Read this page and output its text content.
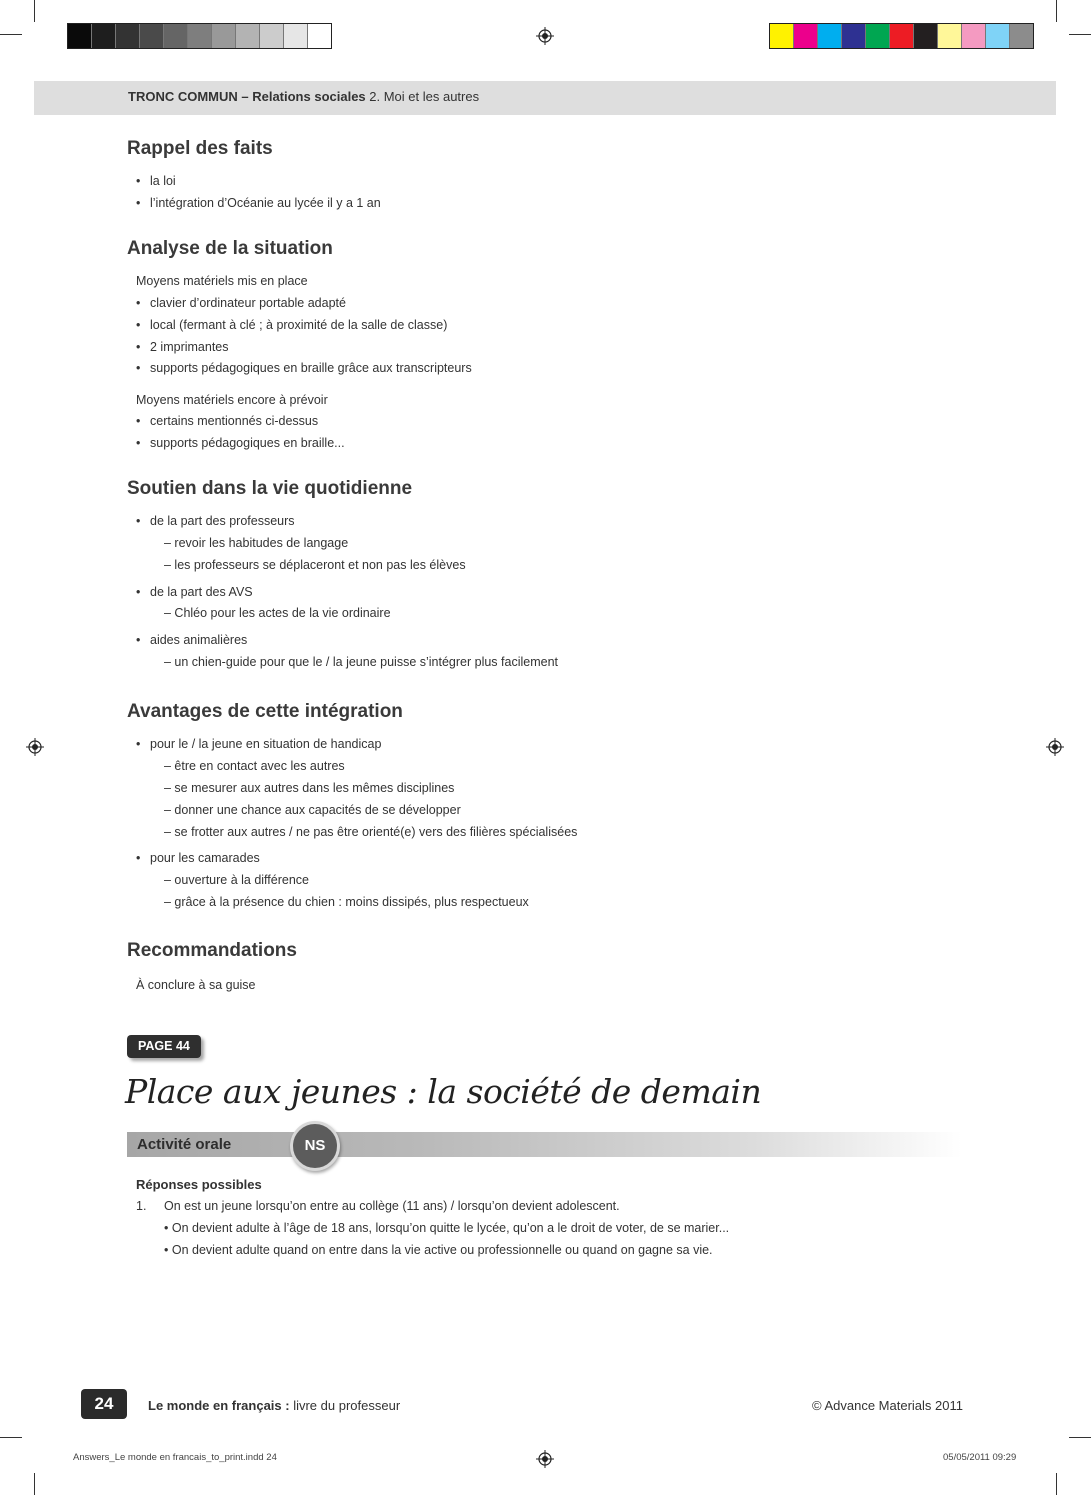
TRONC COMMUN – Relations sociales 2. Moi et les autres
Rappel des faits
• la loi
• l’intégration d’Océanie au lycée il y a 1 an
Analyse de la situation
Moyens matériels mis en place
• clavier d’ordinateur portable adapté
• local (fermant à clé ; à proximité de la salle de classe)
• 2 imprimantes
• supports pédagogiques en braille grâce aux transcripteurs
Moyens matériels encore à prévoir
• certains mentionnés ci-dessus
• supports pédagogiques en braille...
Soutien dans la vie quotidienne
• de la part des professeurs
– revoir les habitudes de langage
– les professeurs se déplaceront et non pas les élèves
• de la part des AVS
– Chléo pour les actes de la vie ordinaire
• aides animalières
– un chien-guide pour que le / la jeune puisse s’intégrer plus facilement
Avantages de cette intégration
• pour le / la jeune en situation de handicap
– être en contact avec les autres
– se mesurer aux autres dans les mêmes disciplines
– donner une chance aux capacités de se développer
– se frotter aux autres / ne pas être orienté(e) vers des filières spécialisées
• pour les camarades
– ouverture à la différence
– grâce à la présence du chien : moins dissipés, plus respectueux
Recommandations
À conclure à sa guise
PAGE 44
Place aux jeunes : la société de demain
Activité orale	NS
Réponses possibles
1. On est un jeune lorsqu’on entre au collège (11 ans) / lorsqu’on devient adolescent.
• On devient adulte à l’âge de 18 ans, lorsqu’on quitte le lycée, qu’on a le droit de voter, de se marier...
• On devient adulte quand on entre dans la vie active ou professionnelle ou quand on gagne sa vie.
24	Le monde en français : livre du professeur	© Advance Materials 2011
Answers_Le monde en francais_to_print.indd 24	05/05/2011 09:29
